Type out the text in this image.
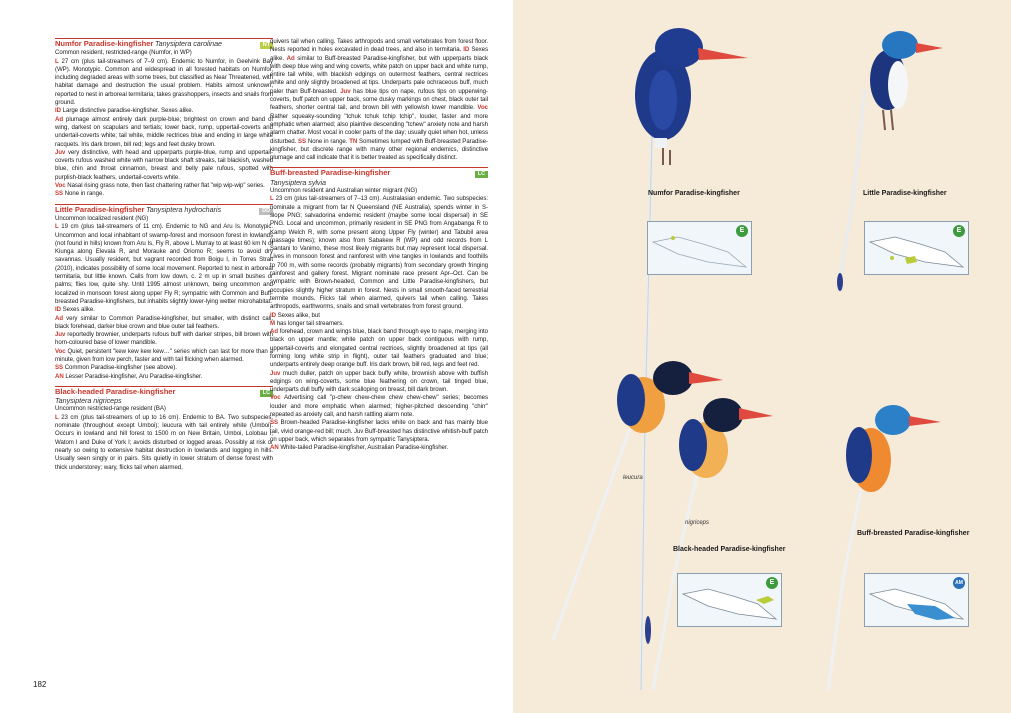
Numfor Paradise-kingfisher Tanysiptera carolinae	NT

Common resident, restricted-range (Numfor, in WP)

L 27 cm (plus tail-streamers of 7–9 cm). Endemic to Numfor, in Geelvink Bay (WP). Monotypic. Common and widespread in all forested habitats on Numfor, including degraded areas with some trees, but classified as Near Threatened, with habitat damage and destruction the usual problem. Habits almost unknown, reported to nest in arboreal termitaria; takes grasshoppers, insects and snails from ground.

ID Large distinctive paradise-kingfisher. Sexes alike.

Ad plumage almost entirely dark purple-blue; brightest on crown and band of wing, darkest on scapulars and tertials; lower back, rump, uppertail-coverts and undertail-coverts white; tail white, middle rectrices blue and ending in large white racquets. Iris dark brown, bill red; legs and feet dusky brown.

Juv very distinctive, with head and upperparts purple-blue, rump and uppertail-coverts rufous washed white with narrow black shaft streaks, tail blackish, washed blue, chin and throat cinnamon, breast and belly pale rufous, spotted with purplish-black feathers, undertail-coverts white.

Voc Nasal rising grass note, then fast chattering rather flat "wip wip-wip" series.

SS None in range.

Little Paradise-kingfisher Tanysiptera hydrocharis	DD

Uncommon localized resident (NG)

L 19 cm (plus tail-streamers of 11 cm). Endemic to NG and Aru Is. Monotypic. Uncommon and local inhabitant of swamp-forest and monsoon forest in lowlands (not found in hills) known from Aru Is, Fly R, above L Murray to at least 60 km N of Kiunga along Elevala R, and Morauke and Oriomo R; seems to avoid dry savannas. Usually resident, but vagrant recorded from Boigu I, in Torres Strait (2010), indicates possibility of some local movement. Reported to nest in arboreal termitaria, but little known. Calls from low down, c. 2 m up in small bushes or palms; flies low, quite shy. Until 1995 almost unknown, being uncommon and localized in monsoon forest along upper Fly R; sympatric with Common and Buff-breasted Paradise-kingfishers, but inhabits slightly lower-lying wetter microhabitat.

ID Sexes alike.

Ad very similar to Common Paradise-kingfisher, but smaller, with distinct call, black forehead, darker blue crown and blue outer tail feathers.

Juv reportedly brownier, underparts rufous buff with darker stripes, bill brown with horn-coloured base of lower mandible.

Voc Quiet, persistent "kew kew kew kew…" series which can last for more than a minute, given from low perch, faster and with tail flicking when alarmed.

SS Common Paradise-kingfisher (see above).

AN Lesser Paradise-kingfisher, Aru Paradise-kingfisher.

Black-headed Paradise-kingfisher	LC
Tanysiptera nigriceps

Uncommon restricted-range resident (BA)

L 23 cm (plus tail-streamers of up to 16 cm). Endemic to BA. Two subspecies: nominate (throughout except Umboi); leucura with tail entirely white (Umboi). Occurs in lowland and hill forest to 1500 m on New Britain, Umboi, Lolobau I, Watom I and Duke of York I; avoids disturbed or logged areas. Possibly at risk or nearly so owing to extensive habitat destruction in lowlands and logging in hills. Usually seen singly or in pairs. Sits quietly in lower stratum of dense forest with thick understorey; wary, flicks tail when alarmed,

quivers tail when calling. Takes arthropods and small vertebrates from forest floor. Nests reported in holes excavated in dead trees, and also in termitaria. ID Sexes alike. Ad similar to Buff-breasted Paradise-kingfisher, but with upperparts black with deep blue wing and wing coverts, white patch on upper back and white rump, entire tail white, with blackish edgings on outermost feathers, central rectrices white and only slightly broadened at tips. Underparts pale ochraceous buff, much paler than Buff-breasted. Juv has blue tips on nape, rufous tips on upperwing-coverts, buff patch on upper back, some dusky markings on chest, black outer tail feathers, shorter central tail, and brown bill with yellowish lower mandible. Voc Rather squeaky-sounding "tchuk tchuk tchip tchip", louder, faster and more emphatic when alarmed; also plaintive descending "tchew" anxiety note and harsh alarm chatter. Most vocal in cooler parts of the day; usually quiet when hot, unless disturbed. SS None in range. TN Sometimes lumped with Buff-breasted Paradise-kingfisher, but discrete range with many other regional endemics, distinctive plumage and call indicate that it is better treated as specifically distinct.

Buff-breasted Paradise-kingfisher	LC
Tanysiptera sylvia

Uncommon resident and Australian winter migrant (NG)

L 23 cm (plus tail-streamers of 7–13 cm). Australasian endemic. Two subspecies: nominate a migrant from far N Queensland (NE Australia), spends winter in S-slope PNG; salvadorina endemic resident (maybe some local dispersal) in SE PNG. Local and uncommon, primarily resident in SE PNG from Angabanga R to Kamp Welch R, with some present along Upper Fly (winter) and Tabubil area (passage times); known also from Sabakew R (WP) and odd records from L Santani to Vanimo, these most likely migrants but may represent local dispersal. Lives in monsoon forest and rainforest with vine tangles in lowlands and foothills to 700 m, with some records (probably migrants) from secondary growth fringing rainforest and gallery forest. Migrant nominate race present Apr–Oct. Can be sympatric with Brown-headed, Common and Little Paradise-kingfishers, but occupies slightly higher stratum in forest. Nests in small smooth-faced terrestrial termite mounds. Flicks tail when alarmed, quivers tail when calling. Takes arthropods, earthworms, snails and small vertebrates from forest ground.

ID Sexes alike, but

M has longer tail streamers.

Ad forehead, crown and wings blue, black band through eye to nape, merging into black on upper mantle; white patch on upper back contiguous with rump, uppertail-coverts and elongated central rectrices, slightly broadened at tips (all forming long white strip in flight), outer tail feathers graduated and blue; underparts entirely deep orange buff. Iris dark brown, bill red, legs and feet red.

Juv much duller, patch on upper back buffy white, brownish above with buffish edgings on wing-coverts, some blue feathering on crown, tail tinged blue, underparts dull buffy with dark scalloping on breast, bill dark brown.

Voc Advertising call "p-chew chew-chew chew chew-chew" series; becomes louder and more emphatic when alarmed; higher-pitched descending "chirr" repeated as anxiety call, and harsh rattling alarm note.

SS Brown-headed Paradise-kingfisher lacks white on back and has mainly blue tail, vivid orange-red bill; much. Juv Buff-breasted has distinctive whitish-buff patch on upper back, which separates from sympatric Tanysiptera.

AN White-tailed Paradise-kingfisher, Australian Paradise-kingfisher.

182
Numfor Paradise-kingfisher	Little Paradise-kingfisher
Black-headed Paradise-kingfisher
Buff-breasted Paradise-kingfisher
leucura
nigriceps
E	E
E	AM
